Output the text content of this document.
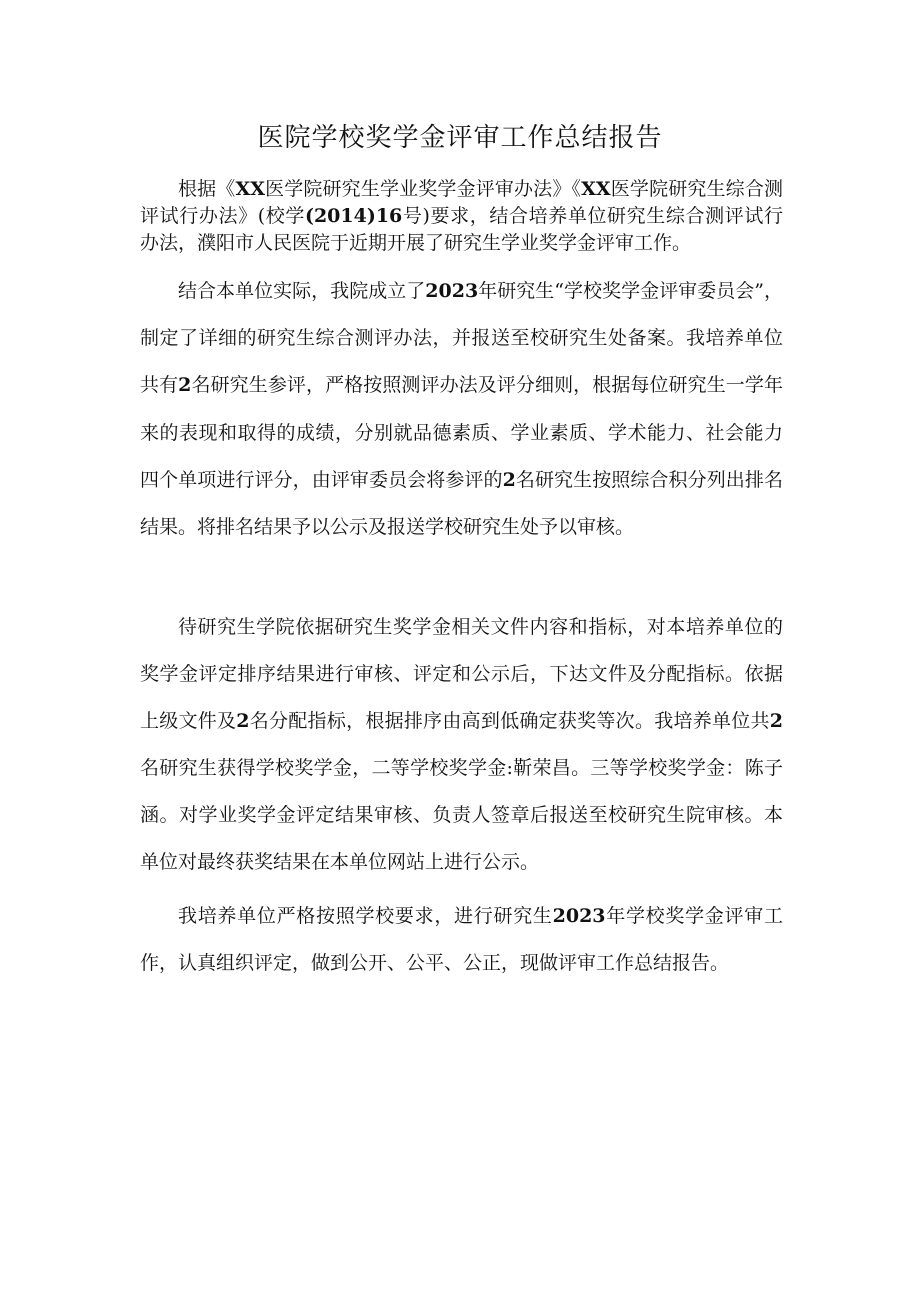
医院学校奖学金评审工作总结报告

根据《XX医学院研究生学业奖学金评审办法》《XX医学院研究生综合测评试行办法》(校学(2014)16号)要求，结合培养单位研究生综合测评试行办法，濮阳市人民医院于近期开展了研究生学业奖学金评审工作。

结合本单位实际，我院成立了2023年研究生“学校奖学金评审委员会”，制定了详细的研究生综合测评办法，并报送至校研究生处备案。我培养单位共有2名研究生参评，严格按照测评办法及评分细则，根据每位研究生一学年来的表现和取得的成绩，分别就品德素质、学业素质、学术能力、社会能力四个单项进行评分，由评审委员会将参评的2名研究生按照综合积分列出排名结果。将排名结果予以公示及报送学校研究生处予以审核。

待研究生学院依据研究生奖学金相关文件内容和指标，对本培养单位的奖学金评定排序结果进行审核、评定和公示后，下达文件及分配指标。依据上级文件及2名分配指标，根据排序由高到低确定获奖等次。我培养单位共2名研究生获得学校奖学金，二等学校奖学金:靳荣昌。三等学校奖学金：陈子涵。对学业奖学金评定结果审核、负责人签章后报送至校研究生院审核。本单位对最终获奖结果在本单位网站上进行公示。

我培养单位严格按照学校要求，进行研究生2023年学校奖学金评审工作，认真组织评定，做到公开、公平、公正，现做评审工作总结报告。
